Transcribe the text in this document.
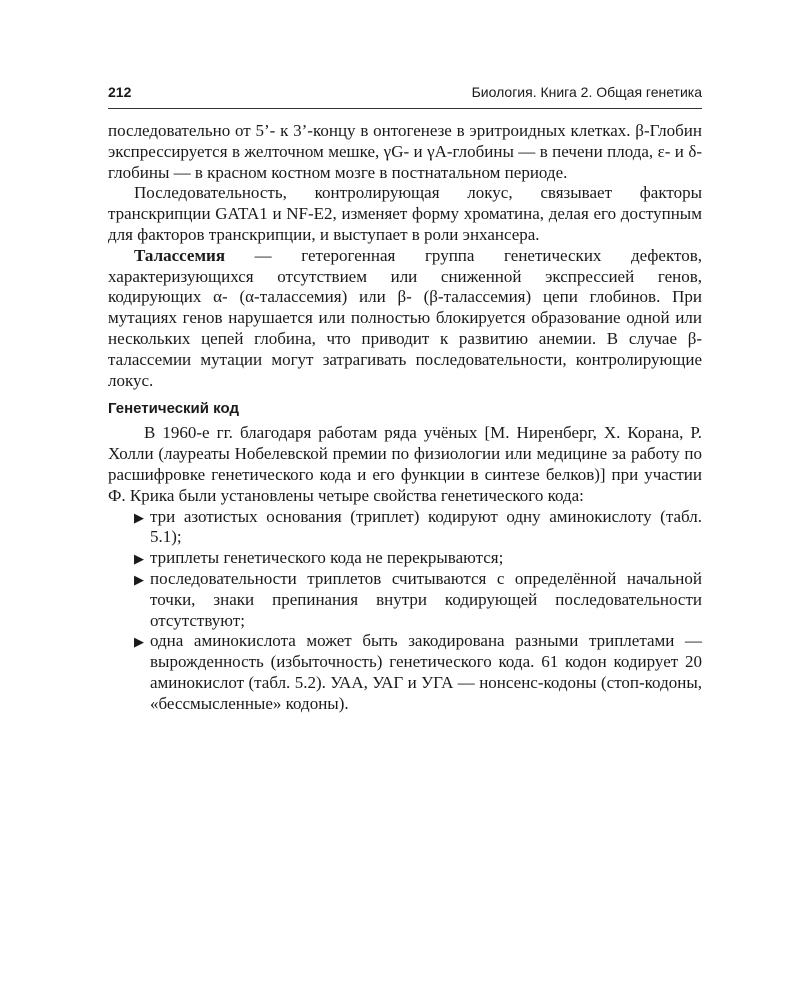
212	Биология. Книга 2. Общая генетика

последовательно от 5’- к 3’-концу в онтогенезе в эритроидных клетках. β-Глобин экспрессируется в желточном мешке, γG- и γA-глобины — в печени плода, ε- и δ-глобины — в красном костном мозге в постнатальном периоде.

Последовательность, контролирующая локус, связывает факторы транскрипции GATA1 и NF-E2, изменяет форму хроматина, делая его доступным для факторов транскрипции, и выступает в роли энхансера.

Талассемия — гетерогенная группа генетических дефектов, характеризующихся отсутствием или сниженной экспрессией генов, кодирующих α- (α-талассемия) или β- (β-талассемия) цепи глобинов. При мутациях генов нарушается или полностью блокируется образование одной или нескольких цепей глобина, что приводит к развитию анемии. В случае β-талассемии мутации могут затрагивать последовательности, контролирующие локус.

Генетический код

В 1960-е гг. благодаря работам ряда учёных [М. Ниренберг, Х. Корана, Р. Холли (лауреаты Нобелевской премии по физиологии или медицине за работу по расшифровке генетического кода и его функции в синтезе белков)] при участии Ф. Крика были установлены четыре свойства генетического кода:

▶ три азотистых основания (триплет) кодируют одну аминокислоту (табл. 5.1);
▶ триплеты генетического кода не перекрываются;
▶ последовательности триплетов считываются с определённой начальной точки, знаки препинания внутри кодирующей последовательности отсутствуют;
▶ одна аминокислота может быть закодирована разными триплетами — вырожденность (избыточность) генетического кода. 61 кодон кодирует 20 аминокислот (табл. 5.2). УАА, УАГ и УГА — нонсенс-кодоны (стоп-кодоны, «бессмысленные» кодоны).
